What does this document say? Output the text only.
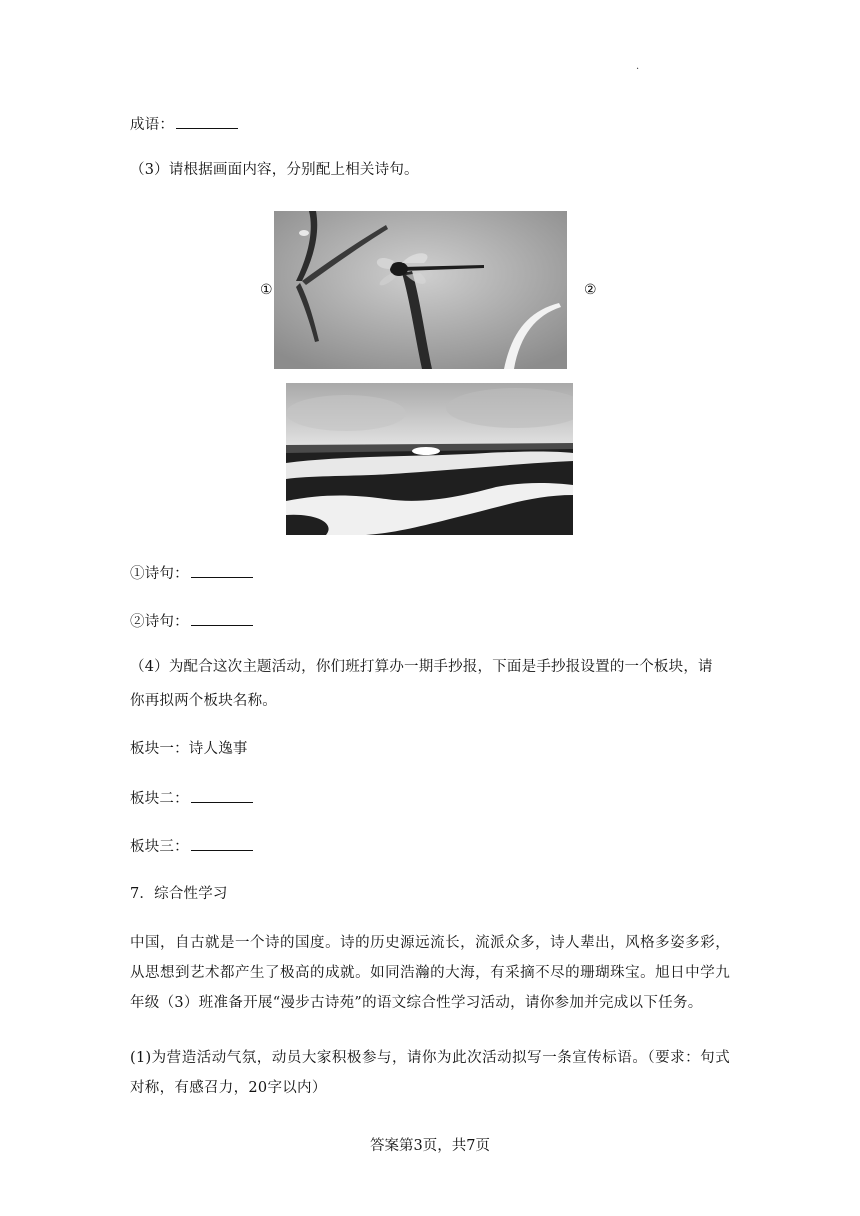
·
成语：
（3）请根据画面内容，分别配上相关诗句。
①	②
①诗句：
②诗句：
（4）为配合这次主题活动，你们班打算办一期手抄报，下面是手抄报设置的一个板块，请
你再拟两个板块名称。
板块一：诗人逸事
板块二：
板块三：
7．综合性学习
中国，自古就是一个诗的国度。诗的历史源远流长，流派众多，诗人辈出，风格多姿多彩，从思想到艺术都产生了极高的成就。如同浩瀚的大海，有采摘不尽的珊瑚珠宝。旭日中学九年级（3）班准备开展“漫步古诗苑”的语文综合性学习活动，请你参加并完成以下任务。
(1)为营造活动气氛，动员大家积极参与，请你为此次活动拟写一条宣传标语。（要求：句式对称，有感召力，20字以内）
答案第3页，共7页
